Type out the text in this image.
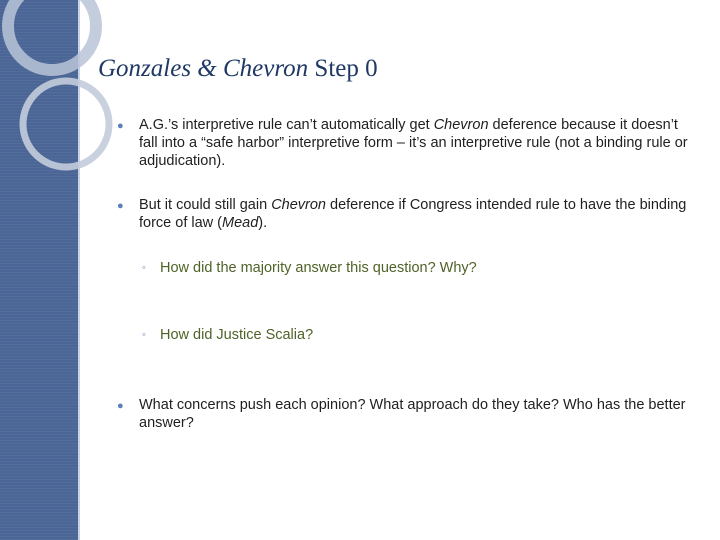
Gonzales & Chevron Step 0
● A.G.’s interpretive rule can’t automatically get Chevron deference because it doesn’t fall into a “safe harbor” interpretive form – it’s an interpretive rule (not a binding rule or adjudication).
● But it could still gain Chevron deference if Congress intended rule to have the binding force of law (Mead).
◦ How did the majority answer this question? Why?
◦ How did Justice Scalia?
● What concerns push each opinion? What approach do they take? Who has the better answer?
